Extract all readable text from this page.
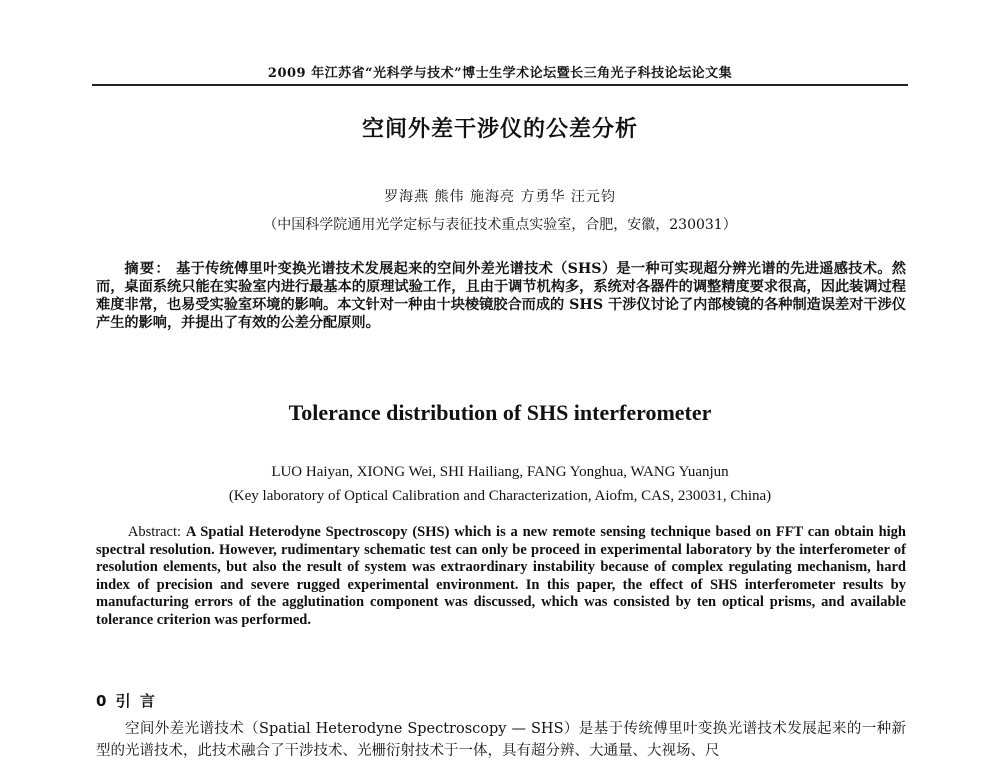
2009 年江苏省“光科学与技术”博士生学术论坛暨长三角光子科技论坛论文集
空间外差干涉仪的公差分析
罗海燕 熊伟 施海亮 方勇华 汪元钧
（中国科学院通用光学定标与表征技术重点实验室，合肥，安徽，230031）
摘要： 基于传统傅里叶变换光谱技术发展起来的空间外差光谱技术（SHS）是一种可实现超分辨光谱的先进遥感技术。然而，桌面系统只能在实验室内进行最基本的原理试验工作，且由于调节机构多，系统对各器件的调整精度要求很高，因此装调过程难度非常，也易受实验室环境的影响。本文针对一种由十块棱镜胶合而成的 SHS 干涉仪讨论了内部棱镜的各种制造误差对干涉仪产生的影响，并提出了有效的公差分配原则。
Tolerance distribution of SHS interferometer
LUO Haiyan, XIONG Wei, SHI Hailiang, FANG Yonghua, WANG Yuanjun
(Key laboratory of Optical Calibration and Characterization, Aiofm, CAS, 230031, China)
Abstract: A Spatial Heterodyne Spectroscopy (SHS) which is a new remote sensing technique based on FFT can obtain high spectral resolution. However, rudimentary schematic test can only be proceed in experimental laboratory by the interferometer of resolution elements, but also the result of system was extraordinary instability because of complex regulating mechanism, hard index of precision and severe rugged experimental environment. In this paper, the effect of SHS interferometer results by manufacturing errors of the agglutination component was discussed, which was consisted by ten optical prisms, and available tolerance criterion was performed.
0 引 言
空间外差光谱技术（Spatial Heterodyne Spectroscopy — SHS）是基于传统傅里叶变换光谱技术发展起来的一种新型的光谱技术，此技术融合了干涉技术、光栅衍射技术于一体，具有超分辨、大通量、大视场、尺
